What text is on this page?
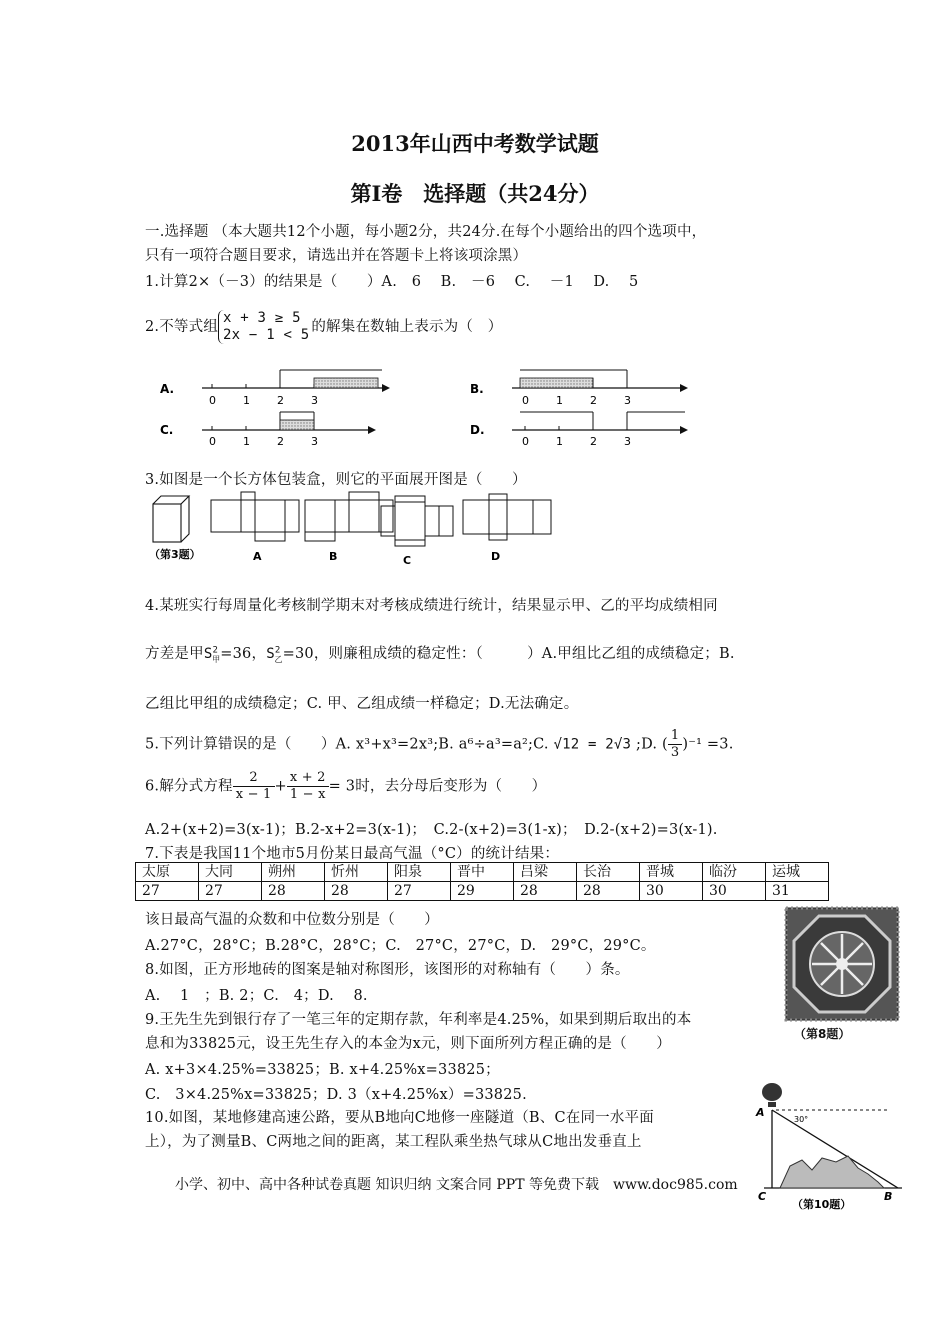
2013年山西中考数学试题
第Ⅰ卷　选择题（共24分）
一.选择题 （本大题共12个小题，每小题2分，共24分.在每个小题给出的四个选项中，
只有一项符合题目要求，请选出并在答题卡上将该项涂黑）
1.计算2×（－3）的结果是（　　）A.　6　 B.　－6　 C.　 －1　 D.　 5
2.不等式组x + 3 ≥ 5
2x − 1 < 5 的解集在数轴上表示为（　）
A.
0 1 2 3
B.
0 1 2 3
C.
0 1 2 3
D.
0 1 2 3
3.如图是一个长方体包装盒，则它的平面展开图是（　　）
（第3题）	A	B	C	D
4.某班实行每周量化考核制学期末对考核成绩进行统计，结果显示甲、乙的平均成绩相同
方差是甲$S^2_甲=36$，$S^2_乙=30$，则廉租成绩的稳定性：（　　　）A.甲组比乙组的成绩稳定；B.
乙组比甲组的成绩稳定；C. 甲、乙组成绩一样稳定；D.无法确定。
5.下列计算错误的是（　　）A. x³+x³=2x³;B. a⁶÷a³=a²;C. √12 = 2√3 ;D. ( $\frac{1}{3} )^{-1} =3$.
6.解分式方程 $\frac{2}{x - 1} + \frac{x + 2}{1 - x} = 3$时，去分母后变形为（　　）
A.2+(x+2)=3(x-1)；B.2-x+2=3(x-1)；　C.2-(x+2)=3(1-x)；　D.2-(x+2)=3(x-1).
7.下表是我国11个地市5月份某日最高气温（°C）的统计结果：
太原	大同	朔州	忻州	阳泉	晋中	吕梁	长治	晋城	临汾	运城
27	27	28	28	27	29	28	28	30	30	31
该日最高气温的众数和中位数分别是（　　）
A.27°C，28°C；B.28°C，28°C；C.　27°C，27°C，D.　29°C，29°C。
8.如图，正方形地砖的图案是轴对称图形，该图形的对称轴有（　　）条。
A.　 1　；B. 2；C.　4；D.　 8.
（第8题）
9.王先生先到银行存了一笔三年的定期存款，年利率是4.25%，如果到期后取出的本
息和为33825元，设王先生存入的本金为x元，则下面所列方程正确的是（　　）
A. x+3×4.25%=33825；B. x+4.25%x=33825；
C.　3×4.25%x=33825；D. 3（x+4.25%x）=33825.
10.如图，某地修建高速公路，要从B地向C地修一座隧道（B、C在同一水平面
上），为了测量B、C两地之间的距离，某工程队乘坐热气球从C地出发垂直上
A
30°
C	B
（第10题）
小学、初中、高中各种试卷真题 知识归纳 文案合同 PPT 等免费下载　www.doc985.com
